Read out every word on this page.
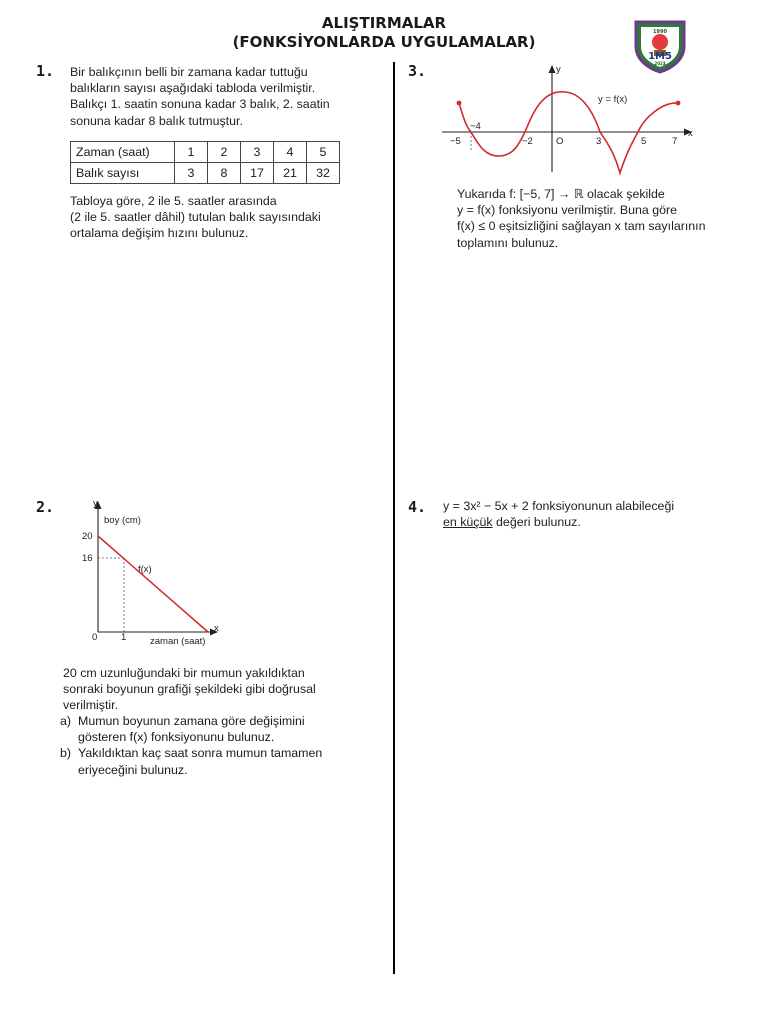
ALIŞTIRMALAR
(FONKSİYONLARDA UYGULAMALAR)
1990
1M5
2023
1. Bir balıkçının belli bir zamana kadar tuttuğu
balıkların sayısı aşağıdaki tabloda verilmiştir.
Balıkçı 1. saatin sonuna kadar 3 balık, 2. saatin
sonuna kadar 8 balık tutmuştur.
Zaman (saat)	1	2	3	4	5
Balık sayısı	3	8	17	21	32
Tabloya göre, 2 ile 5. saatler arasında
(2 ile 5. saatler dâhil) tutulan balık sayısındaki
ortalama değişim hızını bulunuz.
3.	y
x
y = f(x)
−5
−4
−2 O	3	5	7
Yukarıda f: [−5, 7] → ℝ olacak şekilde
y = f(x) fonksiyonu verilmiştir. Buna göre
f(x) ≤ 0 eşitsizliğini sağlayan x tam sayılarının
toplamını bulunuz.
2.	y
x
boy (cm)
zaman (saat)
f(x)
20
16
0 1
20 cm uzunluğundaki bir mumun yakıldıktan
sonraki boyunun grafiği şekildeki gibi doğrusal
verilmiştir.
a) Mumun boyunun zamana göre değişimini
gösteren f(x) fonksiyonunu bulunuz.
b) Yakıldıktan kaç saat sonra mumun tamamen
eriyeceğini bulunuz.
4. y = 3x² − 5x + 2 fonksiyonunun alabileceği
en küçük değeri bulunuz.
